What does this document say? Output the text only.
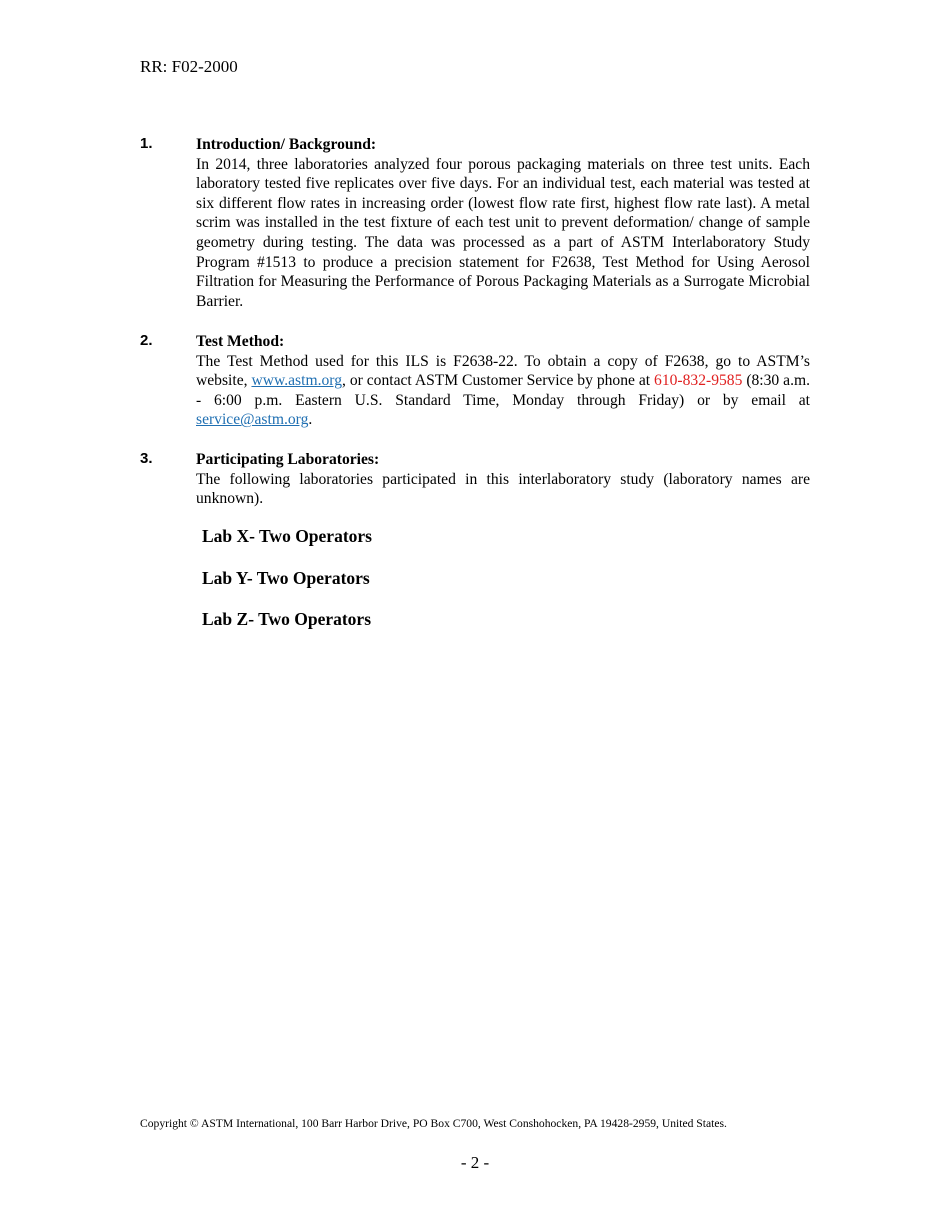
RR: F02-2000
1.	Introduction/ Background:
In 2014, three laboratories analyzed four porous packaging materials on three test units. Each laboratory tested five replicates over five days. For an individual test, each material was tested at six different flow rates in increasing order (lowest flow rate first, highest flow rate last). A metal scrim was installed in the test fixture of each test unit to prevent deformation/ change of sample geometry during testing. The data was processed as a part of ASTM Interlaboratory Study Program #1513 to produce a precision statement for F2638, Test Method for Using Aerosol Filtration for Measuring the Performance of Porous Packaging Materials as a Surrogate Microbial Barrier.
2.	Test Method:
The Test Method used for this ILS is F2638-22. To obtain a copy of F2638, go to ASTM’s website, www.astm.org, or contact ASTM Customer Service by phone at 610-832-9585 (8:30 a.m. - 6:00 p.m. Eastern U.S. Standard Time, Monday through Friday) or by email at service@astm.org.
3.	Participating Laboratories:
The following laboratories participated in this interlaboratory study (laboratory names are unknown).
Lab X- Two Operators
Lab Y- Two Operators
Lab Z- Two Operators
Copyright © ASTM International, 100 Barr Harbor Drive, PO Box C700, West Conshohocken, PA 19428-2959, United States.
- 2 -
